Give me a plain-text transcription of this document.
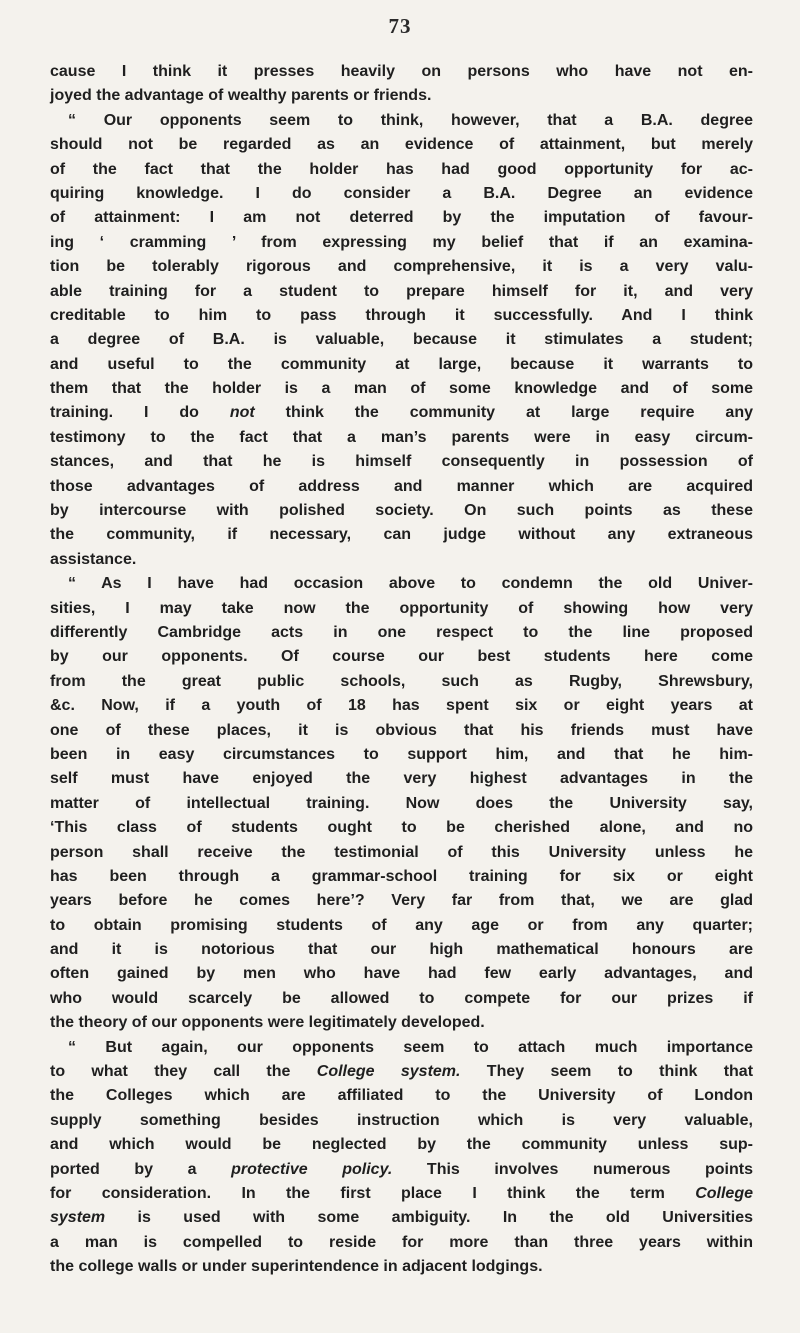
73
cause I think it presses heavily on persons who have not en-
joyed the advantage of wealthy parents or friends.
“ Our opponents seem to think, however, that a B.A. degree
should not be regarded as an evidence of attainment, but merely
of the fact that the holder has had good opportunity for ac-
quiring knowledge. I do consider a B.A. Degree an evidence
of attainment: I am not deterred by the imputation of favour-
ing ‘ cramming ’ from expressing my belief that if an examina-
tion be tolerably rigorous and comprehensive, it is a very valu-
able training for a student to prepare himself for it, and very
creditable to him to pass through it successfully. And I think
a degree of B.A. is valuable, because it stimulates a student;
and useful to the community at large, because it warrants to
them that the holder is a man of some knowledge and of some
training. I do not think the community at large require any
testimony to the fact that a man’s parents were in easy circum-
stances, and that he is himself consequently in possession of
those advantages of address and manner which are acquired
by intercourse with polished society. On such points as these
the community, if necessary, can judge without any extraneous
assistance.
“ As I have had occasion above to condemn the old Univer-
sities, I may take now the opportunity of showing how very
differently Cambridge acts in one respect to the line proposed
by our opponents. Of course our best students here come
from the great public schools, such as Rugby, Shrewsbury,
&c. Now, if a youth of 18 has spent six or eight years at
one of these places, it is obvious that his friends must have
been in easy circumstances to support him, and that he him-
self must have enjoyed the very highest advantages in the
matter of intellectual training. Now does the University say,
‘This class of students ought to be cherished alone, and no
person shall receive the testimonial of this University unless he
has been through a grammar-school training for six or eight
years before he comes here’? Very far from that, we are glad
to obtain promising students of any age or from any quarter;
and it is notorious that our high mathematical honours are
often gained by men who have had few early advantages, and
who would scarcely be allowed to compete for our prizes if
the theory of our opponents were legitimately developed.
“ But again, our opponents seem to attach much importance
to what they call the College system. They seem to think that
the Colleges which are affiliated to the University of London
supply something besides instruction which is very valuable,
and which would be neglected by the community unless sup-
ported by a protective policy. This involves numerous points
for consideration. In the first place I think the term College
system is used with some ambiguity. In the old Universities
a man is compelled to reside for more than three years within
the college walls or under superintendence in adjacent lodgings.
